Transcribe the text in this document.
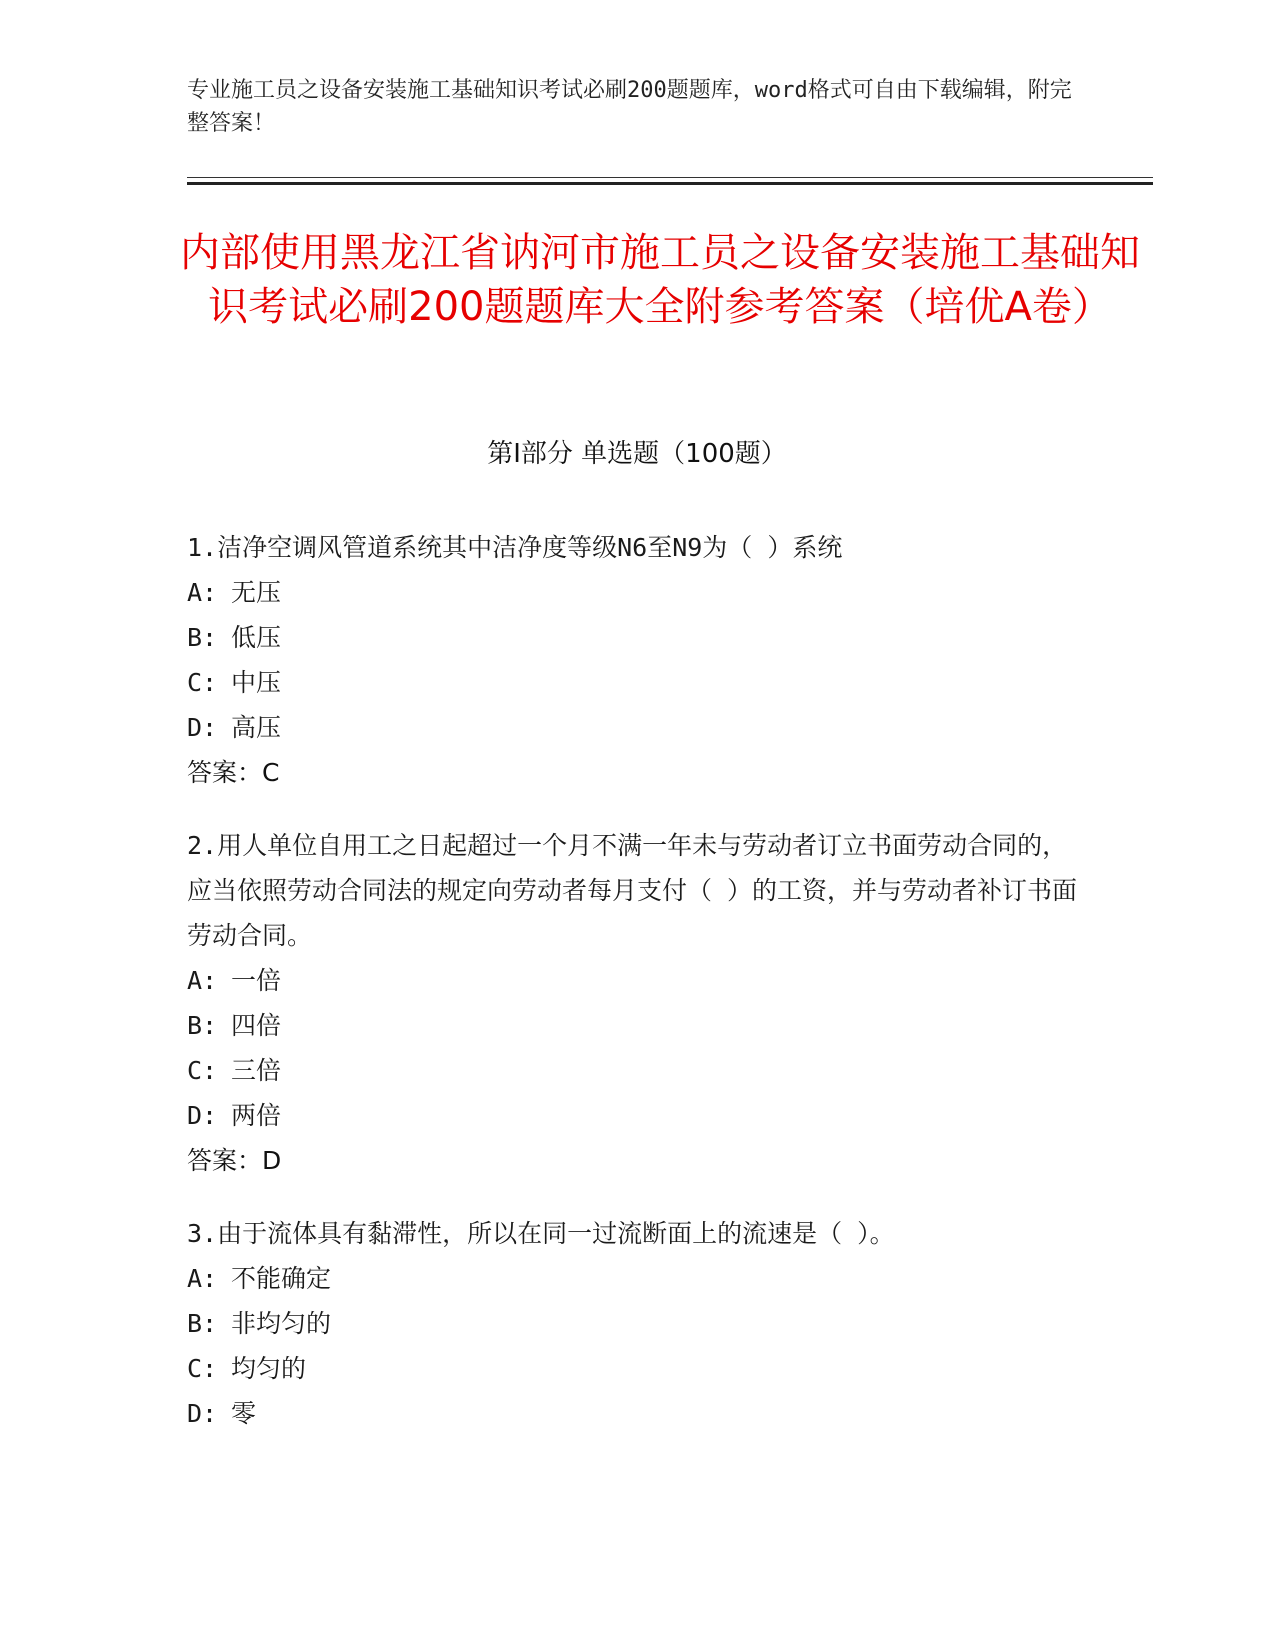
专业施工员之设备安装施工基础知识考试必刷200题题库，word格式可自由下载编辑，附完整答案！
内部使用黑龙江省讷河市施工员之设备安装施工基础知识考试必刷200题题库大全附参考答案（培优A卷）
第Ⅰ部分 单选题（100题）
1.洁净空调风管道系统其中洁净度等级N6至N9为（ ）系统
A: 无压
B: 低压
C: 中压
D: 高压
答案：C
2.用人单位自用工之日起超过一个月不满一年未与劳动者订立书面劳动合同的，应当依照劳动合同法的规定向劳动者每月支付（ ）的工资，并与劳动者补订书面劳动合同。
A: 一倍
B: 四倍
C: 三倍
D: 两倍
答案：D
3.由于流体具有黏滞性，所以在同一过流断面上的流速是（ ）。
A: 不能确定
B: 非均匀的
C: 均匀的
D: 零
